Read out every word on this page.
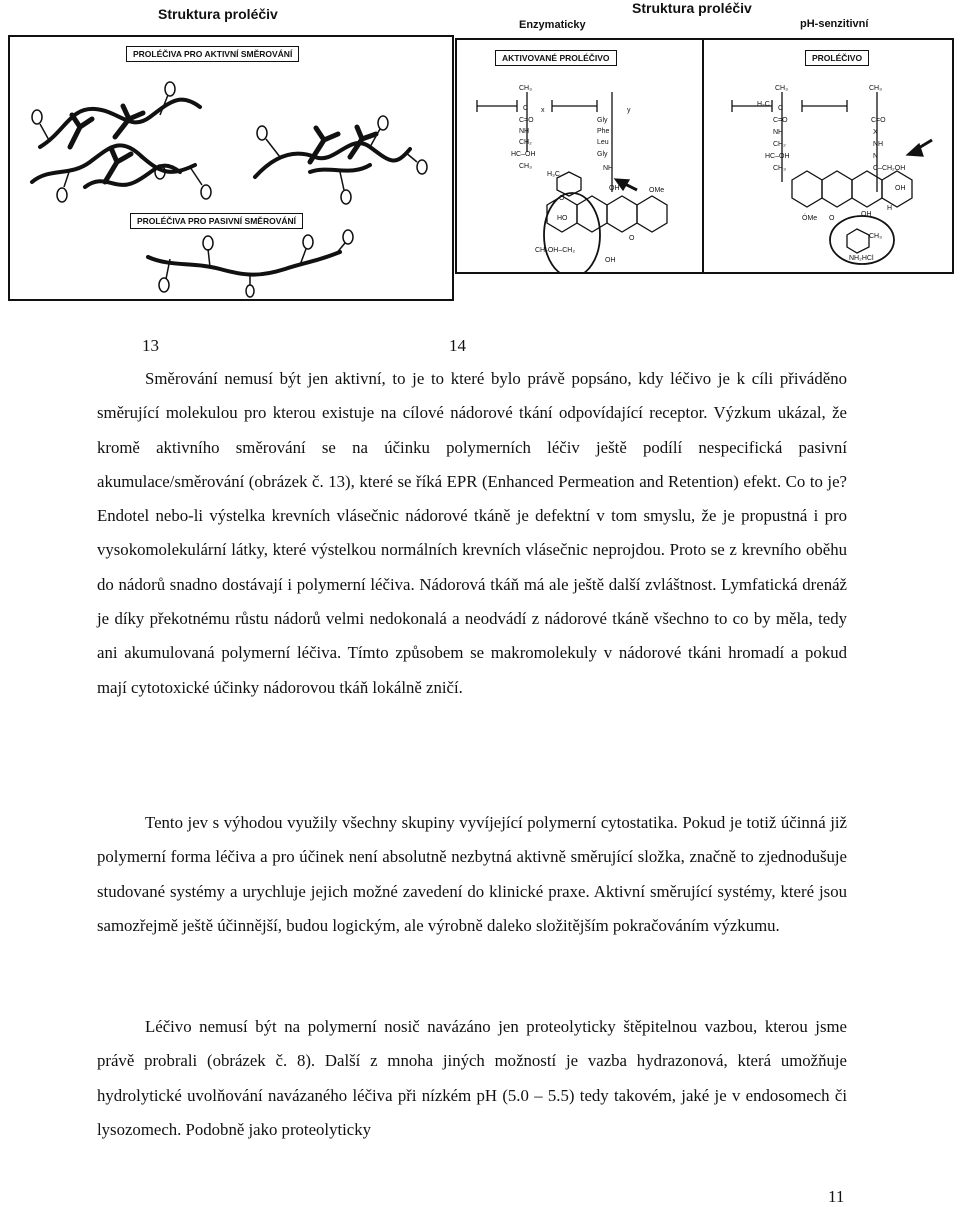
Struktura proléčiv
PROLÉČIVA PRO AKTIVNÍ SMĚROVÁNÍ
PROLÉČIVA PRO PASIVNÍ SMĚROVÁNÍ
13
Struktura proléčiv
Enzymaticky	pH-senzitivní
AKTIVOVANÉ PROLÉČIVO	PROLÉČIVO
CH₃
C
C=O
NH
CH₂
HC–OH
CH₃
Gly
Phe
Leu
Gly
NH
H₃C
O
OH	OMe
HO
CH₂OH–CH₂
OH
O
x	y
CH₃
H₂C
C
C=O
NH
CH₂
HC–OH
CH₃
CH₃
C=O
X
NH
N
C–CH₂OH
OH
ÓMe O
OH
H
CH₃
NH₂HCl
14

Směrování nemusí být jen aktivní, to je to které bylo právě popsáno, kdy léčivo je k cíli přiváděno směrující molekulou pro kterou existuje na cílové nádorové tkání odpovídající receptor. Výzkum ukázal, že kromě aktivního směrování se na účinku polymerních léčiv ještě podílí nespecifická pasivní akumulace/směrování (obrázek č. 13), které se říká EPR (Enhanced Permeation and Retention) efekt. Co to je? Endotel nebo-li výstelka krevních vlásečnic nádorové tkáně je defektní v tom smyslu, že je propustná i pro vysokomolekulární látky, které výstelkou normálních krevních vlásečnic neprojdou. Proto se z krevního oběhu do nádorů snadno dostávají i polymerní léčiva. Nádorová tkáň má ale ještě další zvláštnost. Lymfatická drenáž je díky překotnému růstu nádorů velmi nedokonalá a neodvádí z nádorové tkáně všechno to co by měla, tedy ani akumulovaná polymerní léčiva. Tímto způsobem se makromolekuly v nádorové tkáni hromadí a pokud mají cytotoxické účinky nádorovou tkáň lokálně zničí.

Tento jev s výhodou využily všechny skupiny vyvíjející polymerní cytostatika. Pokud je totiž účinná již polymerní forma léčiva a pro účinek není absolutně nezbytná aktivně směrující složka, značně to zjednodušuje studované systémy a urychluje jejich možné zavedení do klinické praxe. Aktivní směrující systémy, které jsou samozřejmě ještě účinnější, budou logickým, ale výrobně daleko složitějším pokračováním výzkumu.

Léčivo nemusí být na polymerní nosič navázáno jen proteolyticky štěpitelnou vazbou, kterou jsme právě probrali (obrázek č. 8). Další z mnoha jiných možností je vazba hydrazonová, která umožňuje hydrolytické uvolňování navázaného léčiva při nízkém pH (5.0 – 5.5) tedy takovém, jaké je v endosomech či lysozomech. Podobně jako proteolyticky

11
